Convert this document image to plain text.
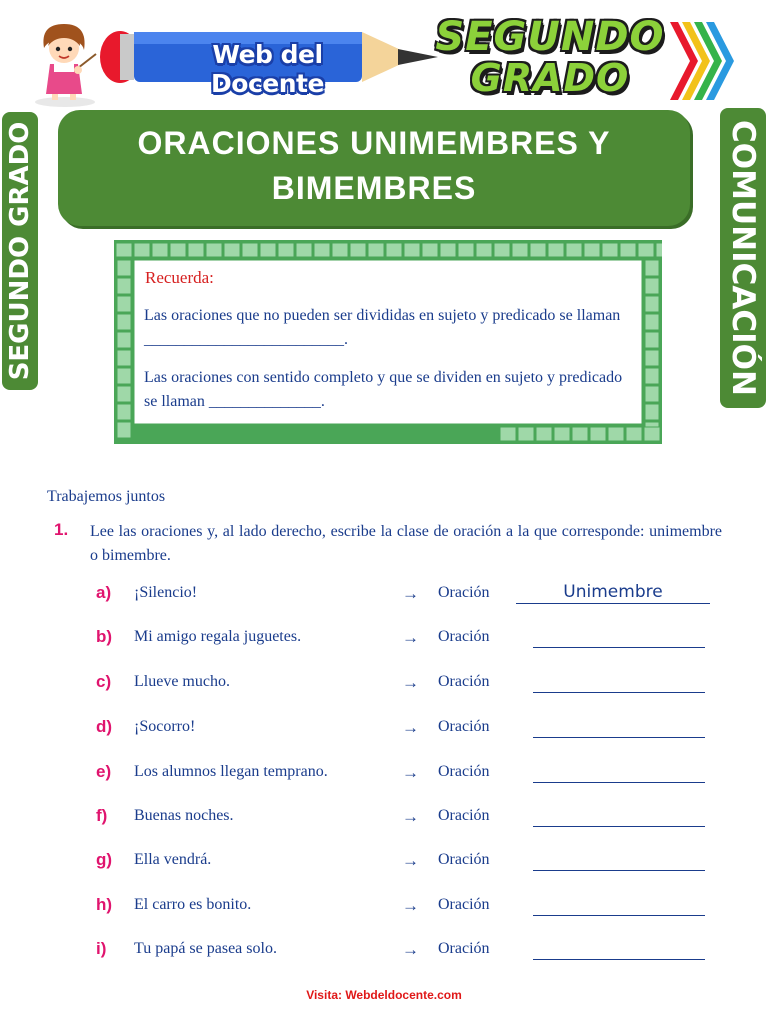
Web del Docente
SEGUNDO
GRADO
SEGUNDO GRADO	COMUNICACIÓN
ORACIONES UNIMEMBRES Y
BIMEMBRES
Recuerda:
Las oraciones que no pueden ser divididas en sujeto y predicado se llaman _________________________.
Las oraciones con sentido completo y que se dividen en sujeto y predicado se llaman ______________.
Trabajemos juntos
1. Lee las oraciones y, al lado derecho, escribe la clase de oración a la que corresponde: unimembre o bimembre.
a) ¡Silencio!	→ Oración	Unimembre
b) Mi amigo regala juguetes.	→ Oración
c) Llueve mucho.	→ Oración
d) ¡Socorro!	→ Oración
e) Los alumnos llegan temprano.	→ Oración
f) Buenas noches.	→ Oración
g) Ella vendrá.	→ Oración
h) El carro es bonito.	→ Oración
i) Tu papá se pasea solo.	→ Oración
Visita: Webdeldocente.com
